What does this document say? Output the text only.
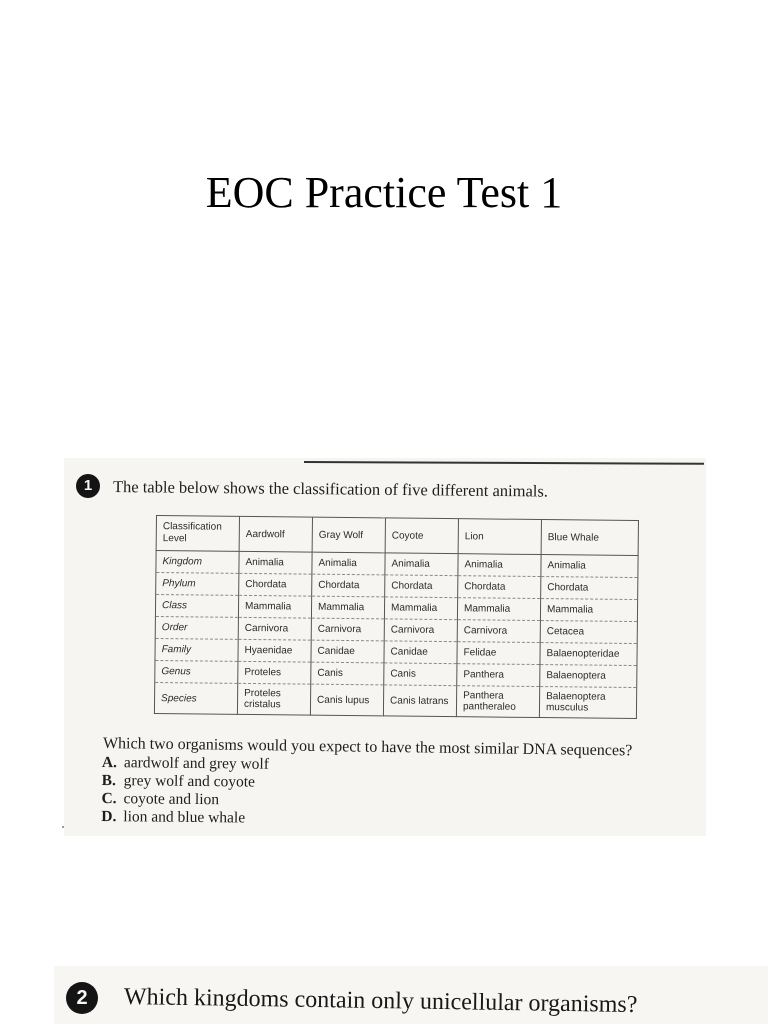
EOC Practice Test 1
1	The table below shows the classification of five different animals.
Classification Level	Aardwolf	Gray Wolf	Coyote	Lion	Blue Whale
Kingdom	Animalia	Animalia	Animalia	Animalia	Animalia
Phylum	Chordata	Chordata	Chordata	Chordata	Chordata
Class	Mammalia	Mammalia	Mammalia	Mammalia	Mammalia
Order	Carnivora	Carnivora	Carnivora	Carnivora	Cetacea
Family	Hyaenidae	Canidae	Canidae	Felidae	Balaenopteridae
Genus	Proteles	Canis	Canis	Panthera	Balaenoptera
Species	Proteles cristalus	Canis lupus	Canis latrans	Panthera pantheraleo	Balaenoptera musculus
Which two organisms would you expect to have the most similar DNA sequences?
A. aardwolf and grey wolf
B. grey wolf and coyote
C. coyote and lion
D. lion and blue whale
2	Which kingdoms contain only unicellular organisms?
